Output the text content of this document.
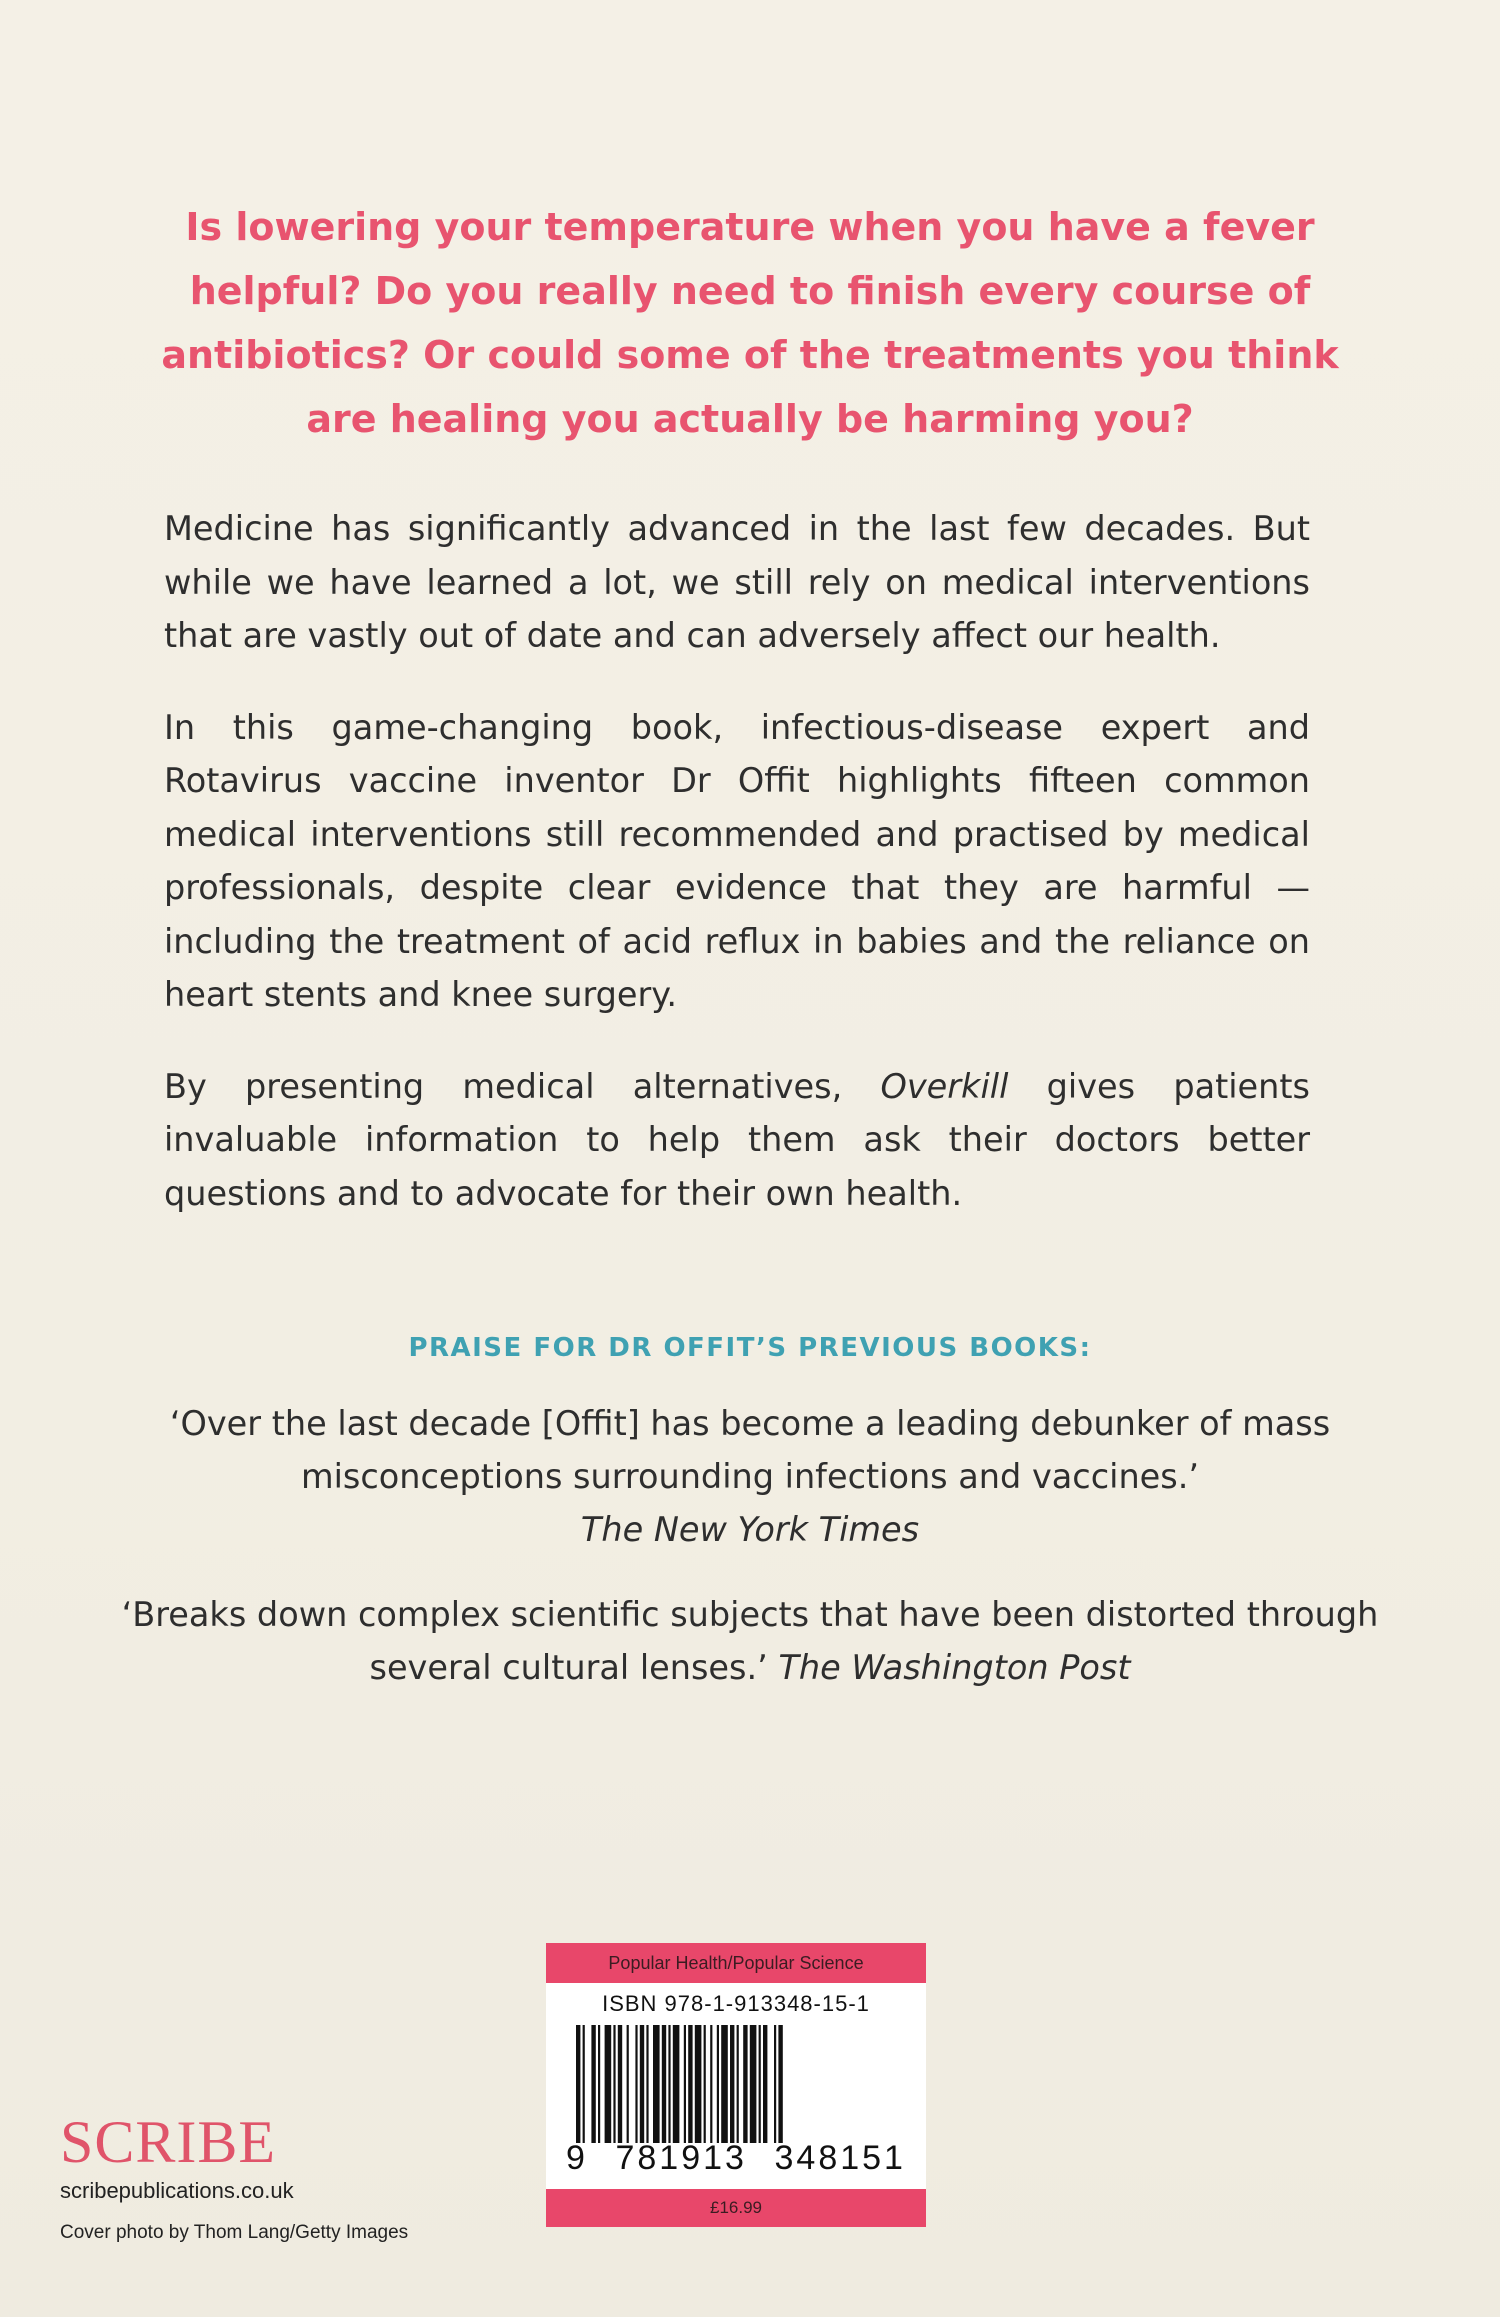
Is lowering your temperature when you have a fever

helpful? Do you really need to finish every course of

antibiotics? Or could some of the treatments you think

are healing you actually be harming you?

Medicine has significantly advanced in the last few decades. But while we have learned a lot, we still rely on medical interventions that are vastly out of date and can adversely affect our health.

In this game-changing book, infectious-disease expert and Rotavirus vaccine inventor Dr Offit highlights fifteen common medical interventions still recommended and practised by medical professionals, despite clear evidence that they are harmful — including the treatment of acid reflux in babies and the reliance on heart stents and knee surgery.

By presenting medical alternatives, Overkill gives patients invaluable information to help them ask their doctors better questions and to advocate for their own health.

PRAISE FOR DR OFFIT’S PREVIOUS BOOKS:
‘Over the last decade [Offit] has become a leading debunker of mass misconceptions surrounding infections and vaccines.’
The New York Times
‘Breaks down complex scientific subjects that have been distorted through several cultural lenses.’ The Washington Post
SCRIBE
scribepublications.co.uk
Cover photo by Thom Lang/Getty Images
Popular Health/Popular Science
ISBN 978-1-913348-15-1
9 781913 348151
£16.99
